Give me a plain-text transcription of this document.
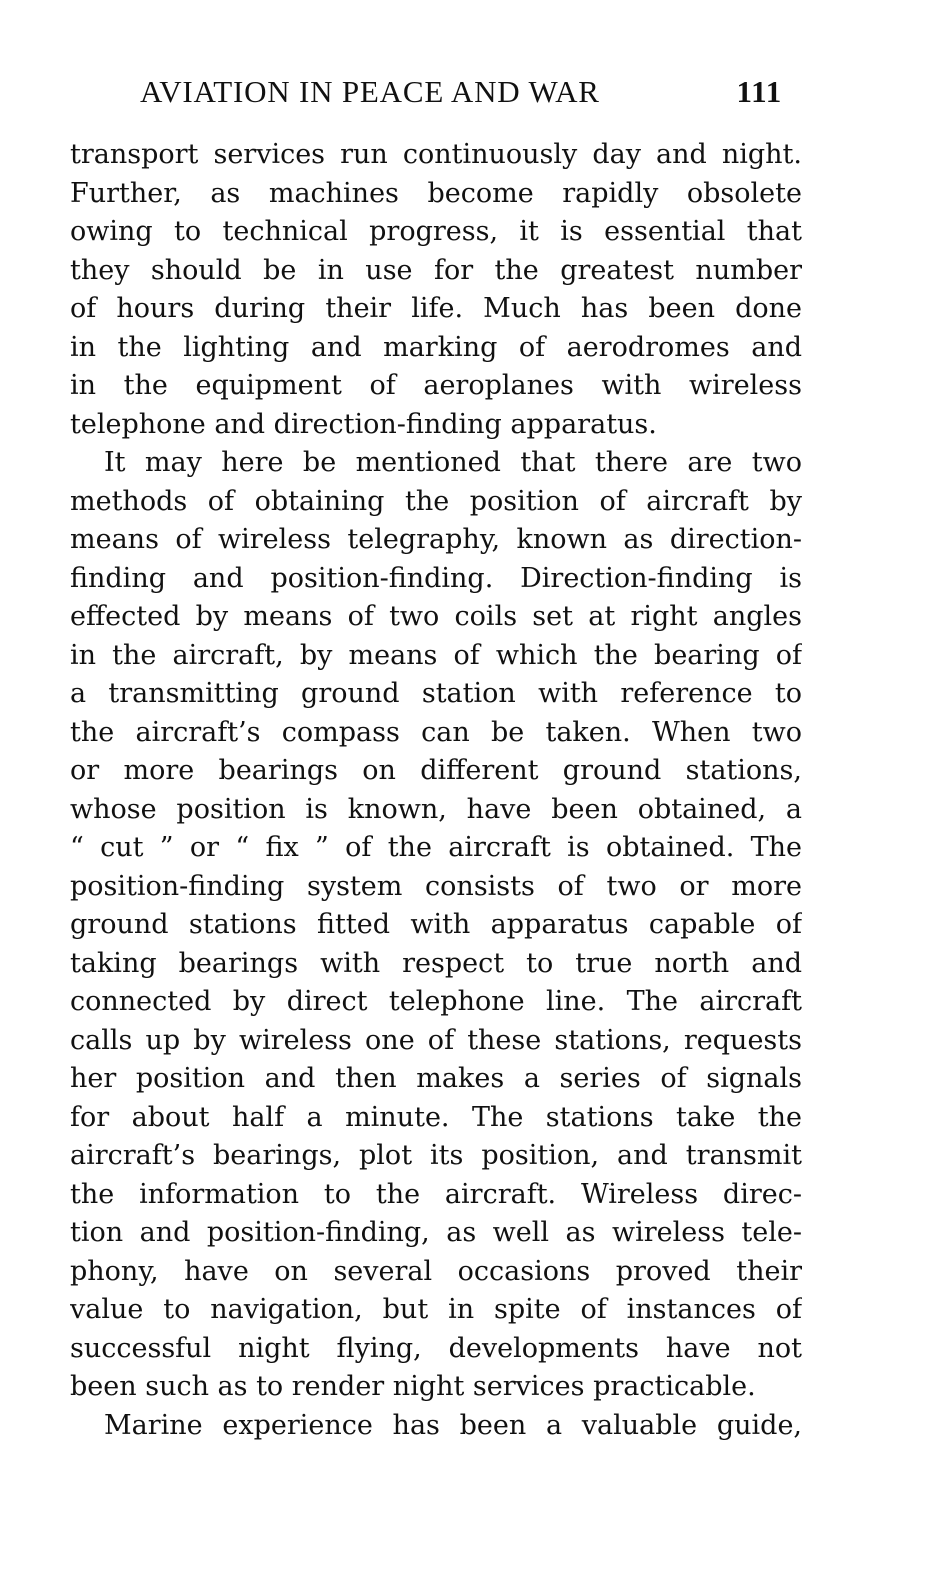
AVIATION IN PEACE AND WAR	111
transport services run continuously day and night.
Further, as machines become rapidly obsolete
owing to technical progress, it is essential that
they should be in use for the greatest number
of hours during their life. Much has been done
in the lighting and marking of aerodromes and
in the equipment of aeroplanes with wireless
telephone and direction-finding apparatus.
It may here be mentioned that there are two
methods of obtaining the position of aircraft by
means of wireless telegraphy, known as direction-
finding and position-finding. Direction-finding is
effected by means of two coils set at right angles
in the aircraft, by means of which the bearing of
a transmitting ground station with reference to
the aircraft’s compass can be taken. When two
or more bearings on different ground stations,
whose position is known, have been obtained, a
“ cut ” or “ fix ” of the aircraft is obtained. The
position-finding system consists of two or more
ground stations fitted with apparatus capable of
taking bearings with respect to true north and
connected by direct telephone line. The aircraft
calls up by wireless one of these stations, requests
her position and then makes a series of signals
for about half a minute. The stations take the
aircraft’s bearings, plot its position, and transmit
the information to the aircraft. Wireless direc-
tion and position-finding, as well as wireless tele-
phony, have on several occasions proved their
value to navigation, but in spite of instances of
successful night flying, developments have not
been such as to render night services practicable.
Marine experience has been a valuable guide,
